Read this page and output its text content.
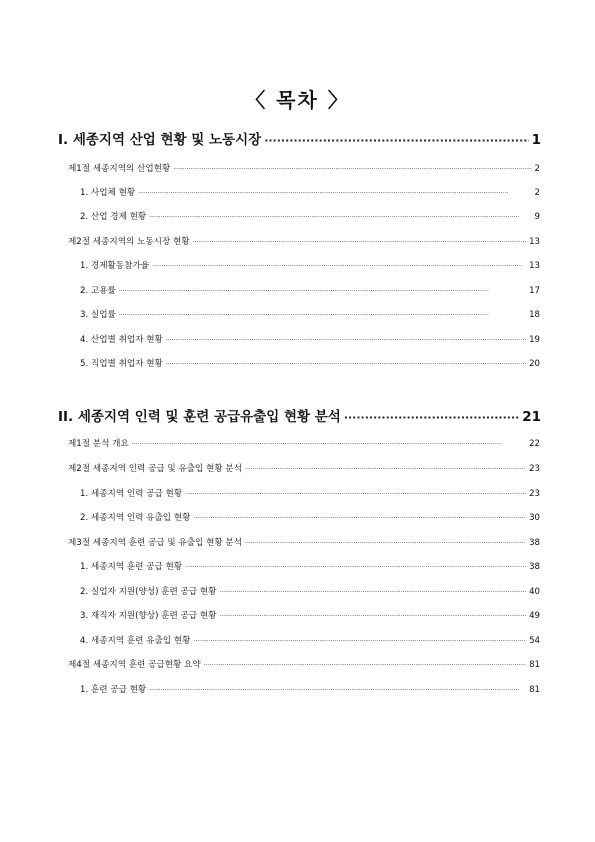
〈 목차 〉
I. 세종지역 산업 현황 및 노동시장 ·····	1
제1절 세종지역의 산업현황 ·····	2
1. 사업체 현황 ·····	2
2. 산업 경제 현황 ·····	9
제2절 세종지역의 노동시장 현황 ·····	13
1. 경제활동참가율 ·····	13
2. 고용률 ·····	17
3. 실업률 ·····	18
4. 산업별 취업자 현황 ·····	19
5. 직업별 취업자 현황 ·····	20
II. 세종지역 인력 및 훈련 공급유출입 현황 분석 ·····	21
제1절 분석 개요 ·····	22
제2절 세종지역 인력 공급 및 유출입 현황 분석 ·····	23
1. 세종지역 인력 공급 현황 ·····	23
2. 세종지역 인력 유출입 현황 ·····	30
제3절 세종지역 훈련 공급 및 유출입 현황 분석 ·····	38
1. 세종지역 훈련 공급 현황 ·····	38
2. 실업자 지원(양성) 훈련 공급 현황 ·····	40
3. 재직자 지원(향상) 훈련 공급 현황 ·····	49
4. 세종지역 훈련 유출입 현황 ·····	54
제4절 세종지역 훈련 공급현황 요약 ·····	81
1. 훈련 공급 현황 ·····	81
